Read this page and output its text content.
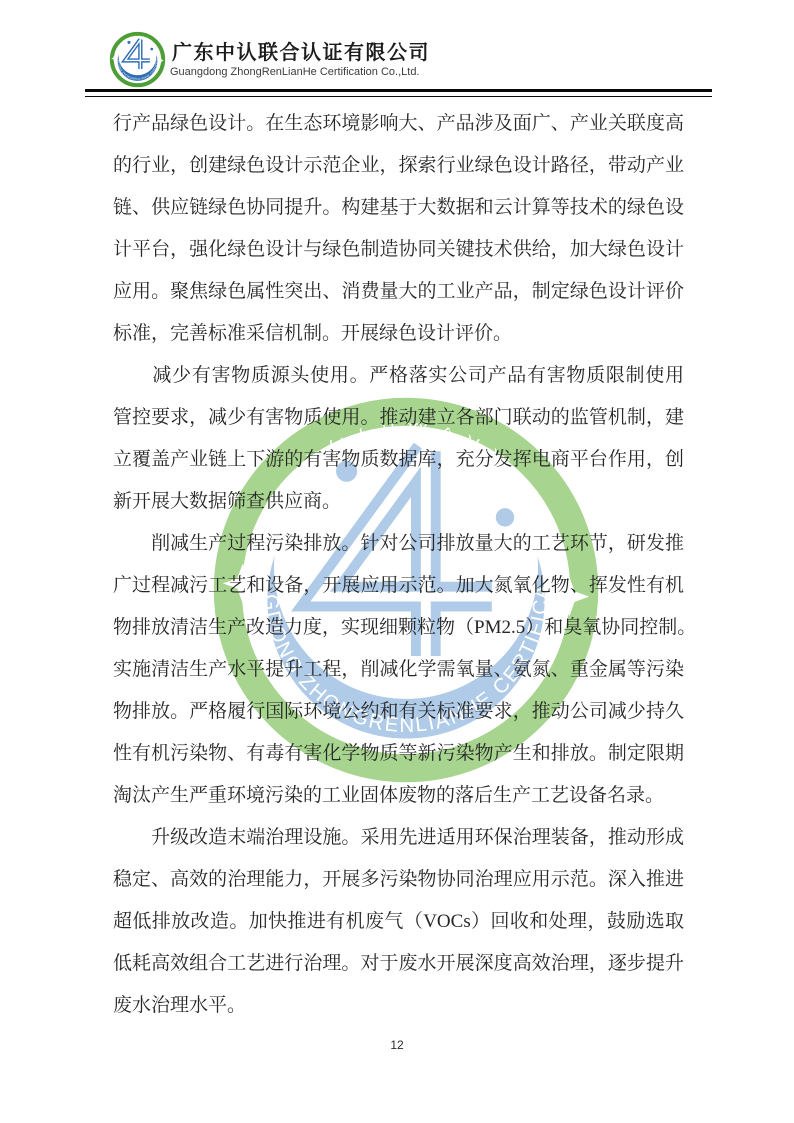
广东中认联合认证有限公司
Guangdong ZhongRenLianHe Certification Co.,Ltd.
行产品绿色设计。在生态环境影响大、产品涉及面广、产业关联度高
的行业，创建绿色设计示范企业，探索行业绿色设计路径，带动产业
链、供应链绿色协同提升。构建基于大数据和云计算等技术的绿色设
计平台，强化绿色设计与绿色制造协同关键技术供给，加大绿色设计
应用。聚焦绿色属性突出、消费量大的工业产品，制定绿色设计评价
标准，完善标准采信机制。开展绿色设计评价。
　　减少有害物质源头使用。严格落实公司产品有害物质限制使用
管控要求，减少有害物质使用。推动建立各部门联动的监管机制，建
立覆盖产业链上下游的有害物质数据库，充分发挥电商平台作用，创
新开展大数据筛查供应商。
　　削减生产过程污染排放。针对公司排放量大的工艺环节，研发推
广过程减污工艺和设备，开展应用示范。加大氮氧化物、挥发性有机
物排放清洁生产改造力度，实现细颗粒物（PM2.5）和臭氧协同控制。
实施清洁生产水平提升工程，削减化学需氧量、氨氮、重金属等污染
物排放。严格履行国际环境公约和有关标准要求，推动公司减少持久
性有机污染物、有毒有害化学物质等新污染物产生和排放。制定限期
淘汰产生严重环境污染的工业固体废物的落后生产工艺设备名录。
　　升级改造末端治理设施。采用先进适用环保治理装备，推动形成
稳定、高效的治理能力，开展多污染物协同治理应用示范。深入推进
超低排放改造。加快推进有机废气（VOCs）回收和处理，鼓励选取
低耗高效组合工艺进行治理。对于废水开展深度高效治理，逐步提升
废水治理水平。
12
